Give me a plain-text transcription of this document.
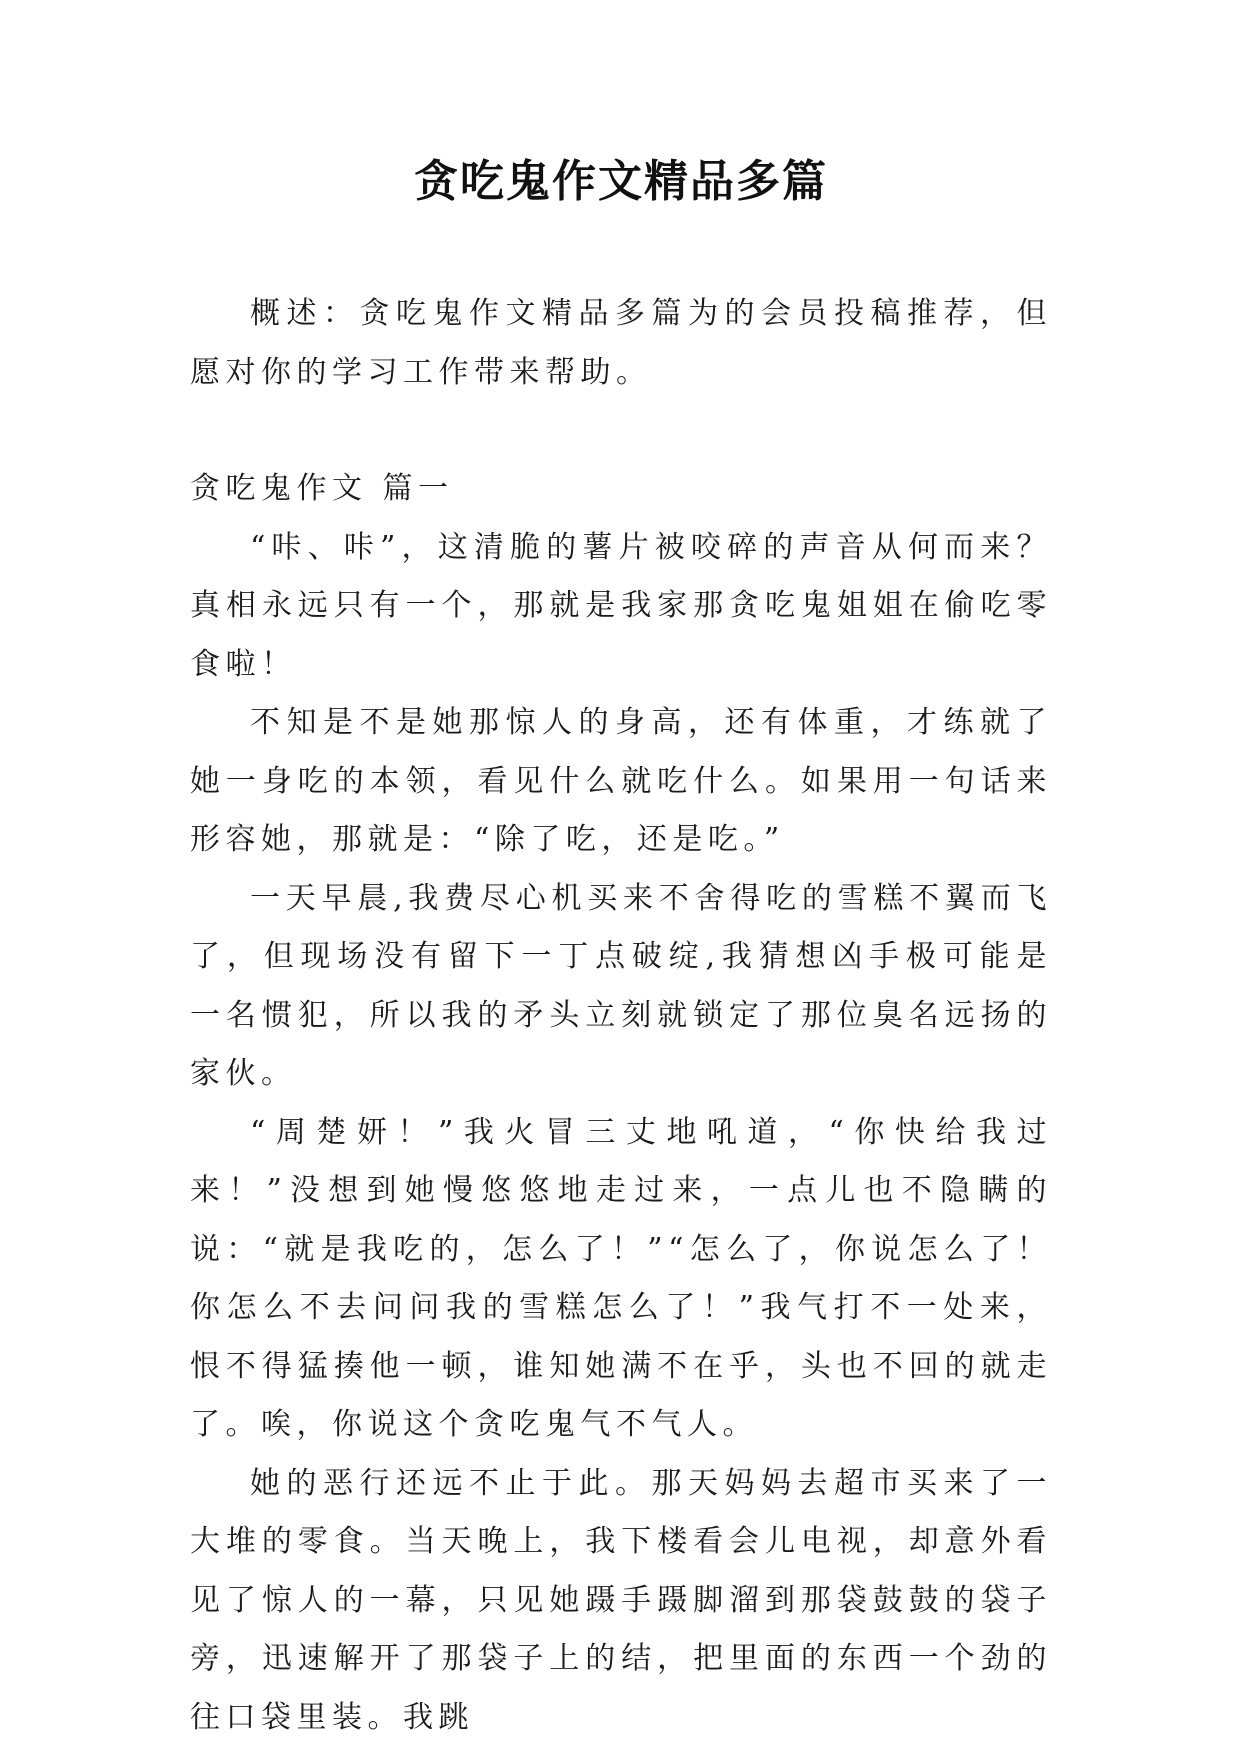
贪吃鬼作文精品多篇

概述：贪吃鬼作文精品多篇为的会员投稿推荐，但愿对你的学习工作带来帮助。

贪吃鬼作文 篇一

“咔、咔”，这清脆的薯片被咬碎的声音从何而来？真相永远只有一个，那就是我家那贪吃鬼姐姐在偷吃零食啦！

不知是不是她那惊人的身高，还有体重，才练就了她一身吃的本领，看见什么就吃什么。如果用一句话来形容她，那就是：“除了吃，还是吃。”

一天早晨,我费尽心机买来不舍得吃的雪糕不翼而飞了，但现场没有留下一丁点破绽,我猜想凶手极可能是一名惯犯，所以我的矛头立刻就锁定了那位臭名远扬的家伙。

“周楚妍！”我火冒三丈地吼道，“你快给我过来！”没想到她慢悠悠地走过来，一点儿也不隐瞒的说：“就是我吃的，怎么了！”“怎么了，你说怎么了！你怎么不去问问我的雪糕怎么了！”我气打不一处来，恨不得猛揍他一顿，谁知她满不在乎，头也不回的就走了。唉，你说这个贪吃鬼气不气人。

她的恶行还远不止于此。那天妈妈去超市买来了一大堆的零食。当天晚上，我下楼看会儿电视，却意外看见了惊人的一幕，只见她蹑手蹑脚溜到那袋鼓鼓的袋子旁，迅速解开了那袋子上的结，把里面的东西一个劲的往口袋里装。我跳
